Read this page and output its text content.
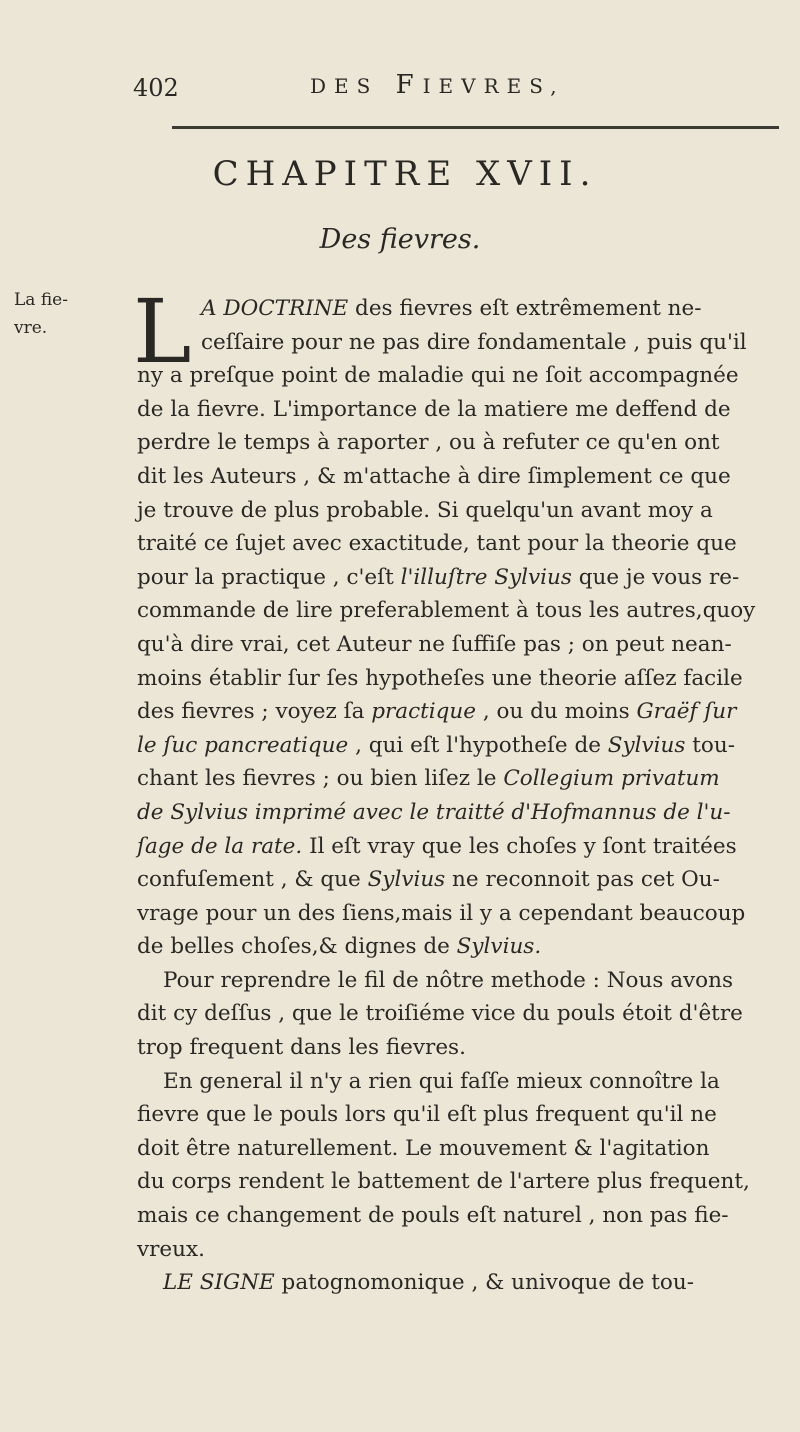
402	DES FIEVRES,
CHAPITRE XVII.
Des fievres.
La fie-
vre. L A DOCTRINE des fievres eſt extrêmement ne-
ceſſaire pour ne pas dire fondamentale , puis qu'il
ny a preſque point de maladie qui ne ſoit accompagnée
de la fievre. L'importance de la matiere me deffend de
perdre le temps à raporter , ou à refuter ce qu'en ont
dit les Auteurs , & m'attache à dire ſimplement ce que
je trouve de plus probable. Si quelqu'un avant moy a
traité ce ſujet avec exactitude, tant pour la theorie que
pour la practique , c'eſt l'illuſtre Sylvius que je vous re-
commande de lire preferablement à tous les autres,quoy
qu'à dire vrai, cet Auteur ne ſuffiſe pas ; on peut nean-
moins établir ſur ſes hypotheſes une theorie aſſez facile
des fievres ; voyez ſa practique , ou du moins Graëf ſur
le ſuc pancreatique , qui eſt l'hypotheſe de Sylvius tou-
chant les fievres ; ou bien liſez le Collegium privatum
de Sylvius imprimé avec le traitté d'Hofmannus de l'u-
ſage de la rate. Il eſt vray que les choſes y ſont traitées
confuſement , & que Sylvius ne reconnoit pas cet Ou-
vrage pour un des ſiens,mais il y a cependant beaucoup
de belles choſes,& dignes de Sylvius.
Pour reprendre le fil de nôtre methode : Nous avons
dit cy deſſus , que le troiſiéme vice du pouls étoit d'être
trop frequent dans les fievres.
En general il n'y a rien qui faſſe mieux connoître la
fievre que le pouls lors qu'il eſt plus frequent qu'il ne
doit être naturellement. Le mouvement & l'agitation
du corps rendent le battement de l'artere plus frequent,
mais ce changement de pouls eſt naturel , non pas fie-
vreux.
LE SIGNE patognomonique , & univoque de tou-
